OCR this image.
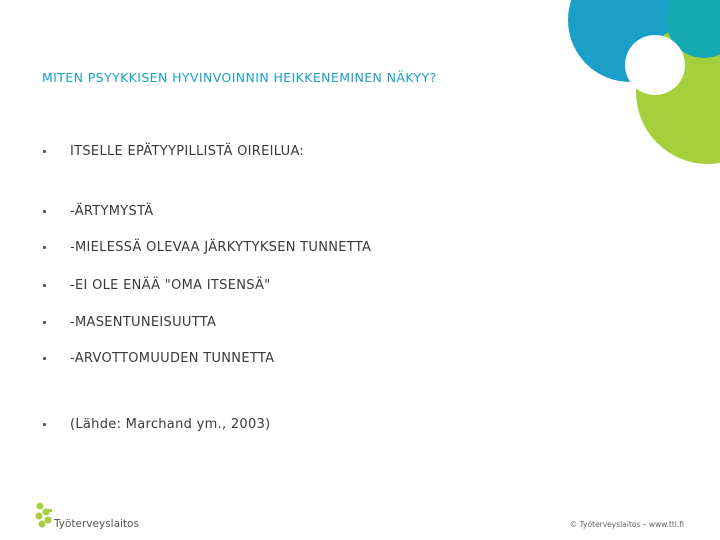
MITEN PSYYKKISEN HYVINVOINNIN HEIKKENEMINEN NÄKYY?
ITSELLE EPÄTYYPILLISTÄ OIREILUA:
-ÄRTYMYSTÄ
-MIELESSÄ OLEVAA JÄRKYTYKSEN TUNNETTA
-EI OLE ENÄÄ "OMA ITSENSÄ"
-MASENTUNEISUUTTA
-ARVOTTOMUUDEN TUNNETTA
(Lähde: Marchand ym., 2003)
Työterveyslaitos	© Työterveyslaitos – www.ttl.fi
